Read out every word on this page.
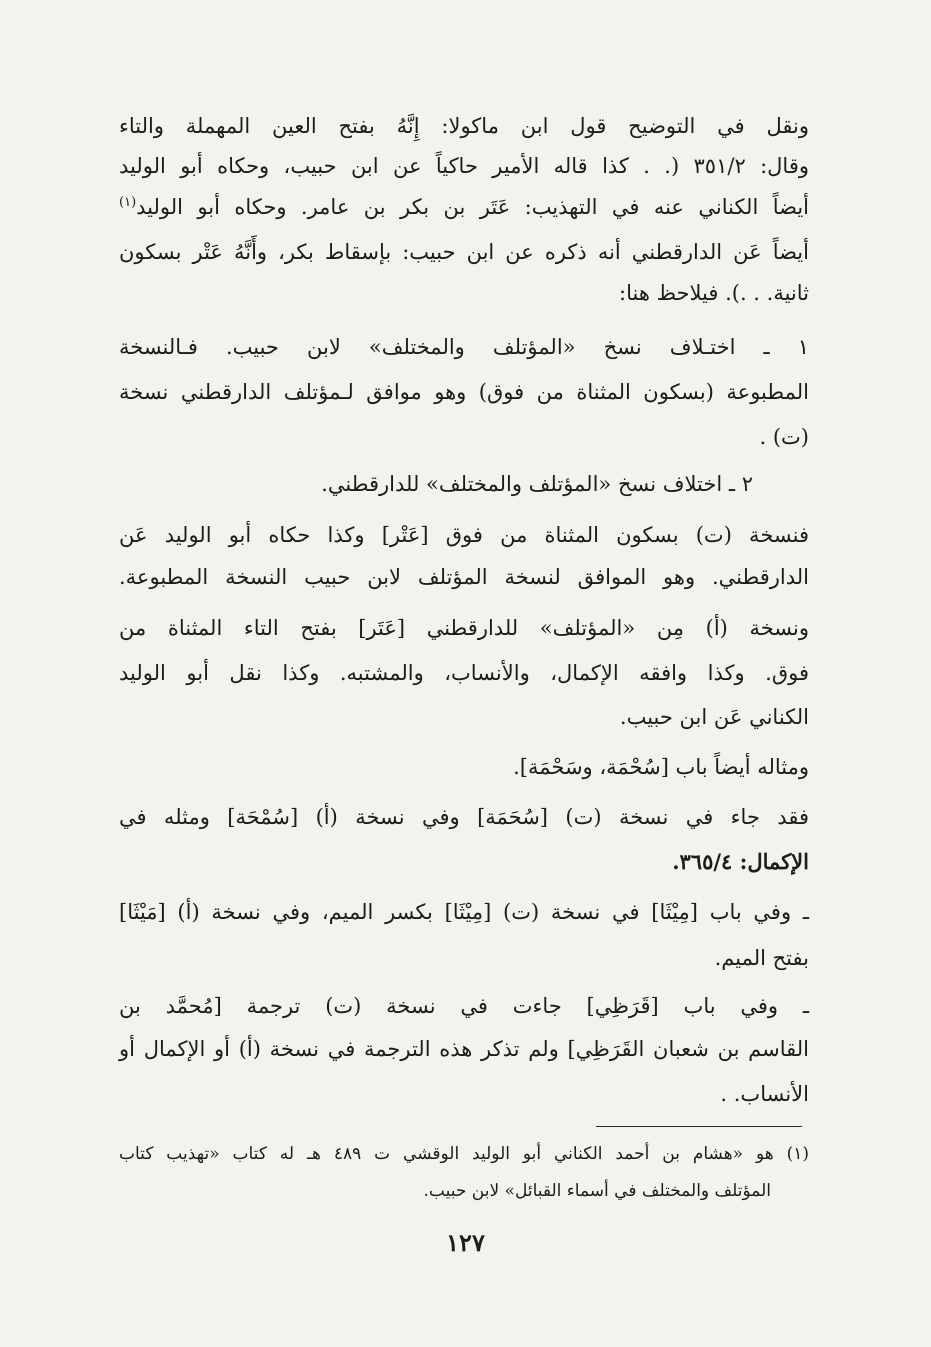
ونقل في التوضيح قول ابن ماكولا: إِنَّهُ بفتح العين المهملة والتاء
وقال: ٣٥١/٢ (. . كذا قاله الأمير حاكياً عن ابن حبيب، وحكاه أبو الوليد
أيضاً الكناني عنه في التهذيب: عَتَر بن بكر بن عامر. وحكاه أبو الوليد$^{(١)}$
أيضاً عَن الدارقطني أنه ذكره عن ابن حبيب: بإسقاط بكر، وأَنَّهُ عَتْر بسكون
ثانية. . .). فيلاحظ هنا:
١ ـ اختـلاف نسخ «المؤتلف والمختلف» لابن حبيب. فـالنسخة
المطبوعة (بسكون المثناة من فوق) وهو موافق لـمؤتلف الدارقطني نسخة
(ت) .
٢ ـ اختلاف نسخ «المؤتلف والمختلف» للدارقطني.
فنسخة (ت) بسكون المثناة من فوق [عَتْر] وكذا حكاه أبو الوليد عَن
الدارقطني. وهو الموافق لنسخة المؤتلف لابن حبيب النسخة المطبوعة.
ونسخة (أ) مِن «المؤتلف» للدارقطني [عَتَر] بفتح التاء المثناة من
فوق. وكذا وافقه الإكمال، والأنساب، والمشتبه. وكذا نقل أبو الوليد
الكناني عَن ابن حبيب.
ومثاله أيضاً باب [سُحْمَة، وسَحْمَة].
فقد جاء في نسخة (ت) [سُحَمَة] وفي نسخة (أ) [سُمْحَة] ومثله في
الإكمال: ٣٦٥/٤.
ـ وفي باب [مِيْثَا] في نسخة (ت) [مِيْثَا] بكسر الميم، وفي نسخة (أ) [مَيْثَا]
بفتح الميم.
ـ وفي باب [قَرَظِي] جاءت في نسخة (ت) ترجمة [مُحمَّد بن
القاسم بن شعبان القَرَظِي] ولم تذكر هذه الترجمة في نسخة (أ) أو الإكمال أو
الأنساب. .
(١) هو «هشام بن أحمد الكناني أبو الوليد الوقشي ت ٤٨٩ هـ له كتاب «تهذيب كتاب
المؤتلف والمختلف في أسماء القبائل» لابن حبيب.
١٢٧
